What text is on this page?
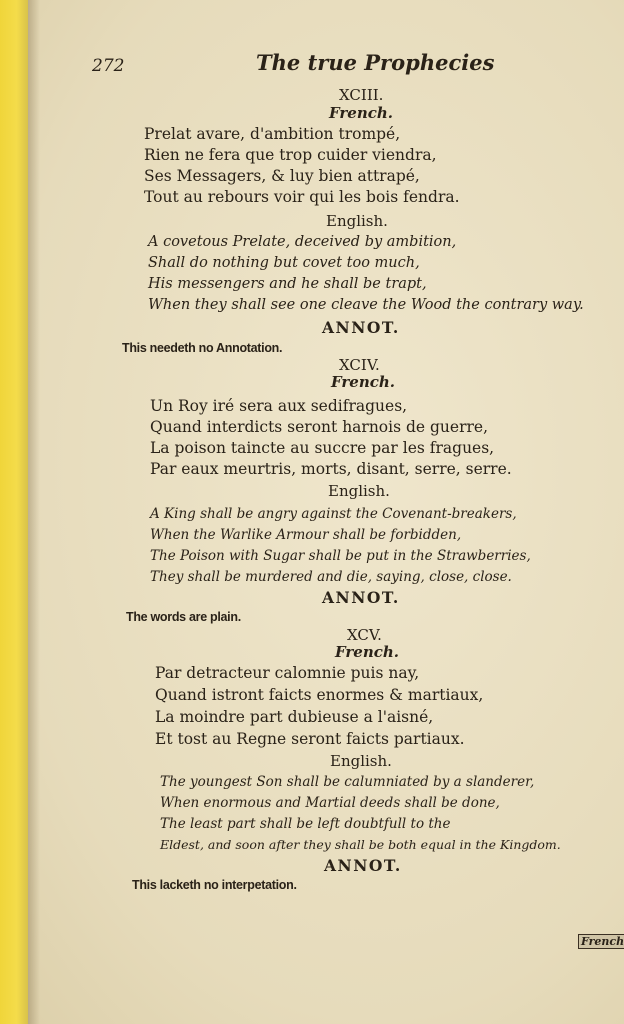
272	The true Prophecies
XCIII.
French.
Prelat avare, d'ambition trompé,
Rien ne fera que trop cuider viendra,
Ses Messagers, & luy bien attrapé,
Tout au rebours voir qui les bois fendra.
English.
A covetous Prelate, deceived by ambition,
Shall do nothing but covet too much,
His messengers and he shall be trapt,
When they shall see one cleave the Wood the contrary way.
ANNOT.
This needeth no Annotation.
XCIV.
French.
Un Roy iré sera aux sedifragues,
Quand interdicts seront harnois de guerre,
La poison taincte au succre par les fragues,
Par eaux meurtris, morts, disant, serre, serre.
English.
A King shall be angry against the Covenant-breakers,
When the Warlike Armour shall be forbidden,
The Poison with Sugar shall be put in the Strawberries,
They shall be murdered and die, saying, close, close.
ANNOT.
The words are plain.
XCV.
French.
Par detracteur calomnie puis nay,
Quand istront faicts enormes & martiaux,
La moindre part dubieuse a l'aisné,
Et tost au Regne seront faicts partiaux.
English.
The youngest Son shall be calumniated by a slanderer,
When enormous and Martial deeds shall be done,
The least part shall be left doubtfull to the
Eldest, and soon after they shall be both equal in the Kingdom.
ANNOT.
This lacketh no interpetation.
French
